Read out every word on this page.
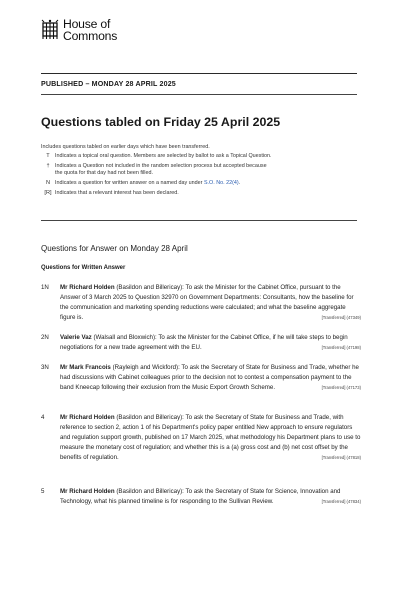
House of
Commons
PUBLISHED – MONDAY 28 APRIL 2025
Questions tabled on Friday 25 April 2025
Includes questions tabled on earlier days which have been transferred.
T Indicates a topical oral question. Members are selected by ballot to ask a Topical Question.
†	Indicates a Question not included in the random selection process but accepted because the quota for that day had not been filled.
N Indicates a question for written answer on a named day under S.O. No. 22(4).
[R] Indicates that a relevant interest has been declared.
Questions for Answer on Monday 28 April
Questions for Written Answer
1N	Mr Richard Holden (Basildon and Billericay): To ask the Minister for the Cabinet Office, pursuant to the Answer of 3 March 2025 to Question 32970 on Government Departments: Consultants, how the baseline for the communication and marketing spending reductions were calculated; and what the baseline aggregate figure is.	[Transferred] (47349)
2N	Valerie Vaz (Walsall and Bloxwich): To ask the Minister for the Cabinet Office, if he will take steps to begin negotiations for a new trade agreement with the EU.	[Transferred] (47198)
3N	Mr Mark Francois (Rayleigh and Wickford): To ask the Secretary of State for Business and Trade, whether he had discussions with Cabinet colleagues prior to the decision not to contest a compensation payment to the band Kneecap following their exclusion from the Music Export Growth Scheme.	[Transferred] (47173)
4	Mr Richard Holden (Basildon and Billericay): To ask the Secretary of State for Business and Trade, with reference to section 2, action 1 of his Department's policy paper entitled New approach to ensure regulators and regulation support growth, published on 17 March 2025, what methodology his Department plans to use to measure the monetary cost of regulation; and whether this is a (a) gross cost and (b) net cost offset by the benefits of regulation.	[Transferred] (47818)
5	Mr Richard Holden (Basildon and Billericay): To ask the Secretary of State for Science, Innovation and Technology, what his planned timeline is for responding to the Sullivan Review.	[Transferred] (47834)
